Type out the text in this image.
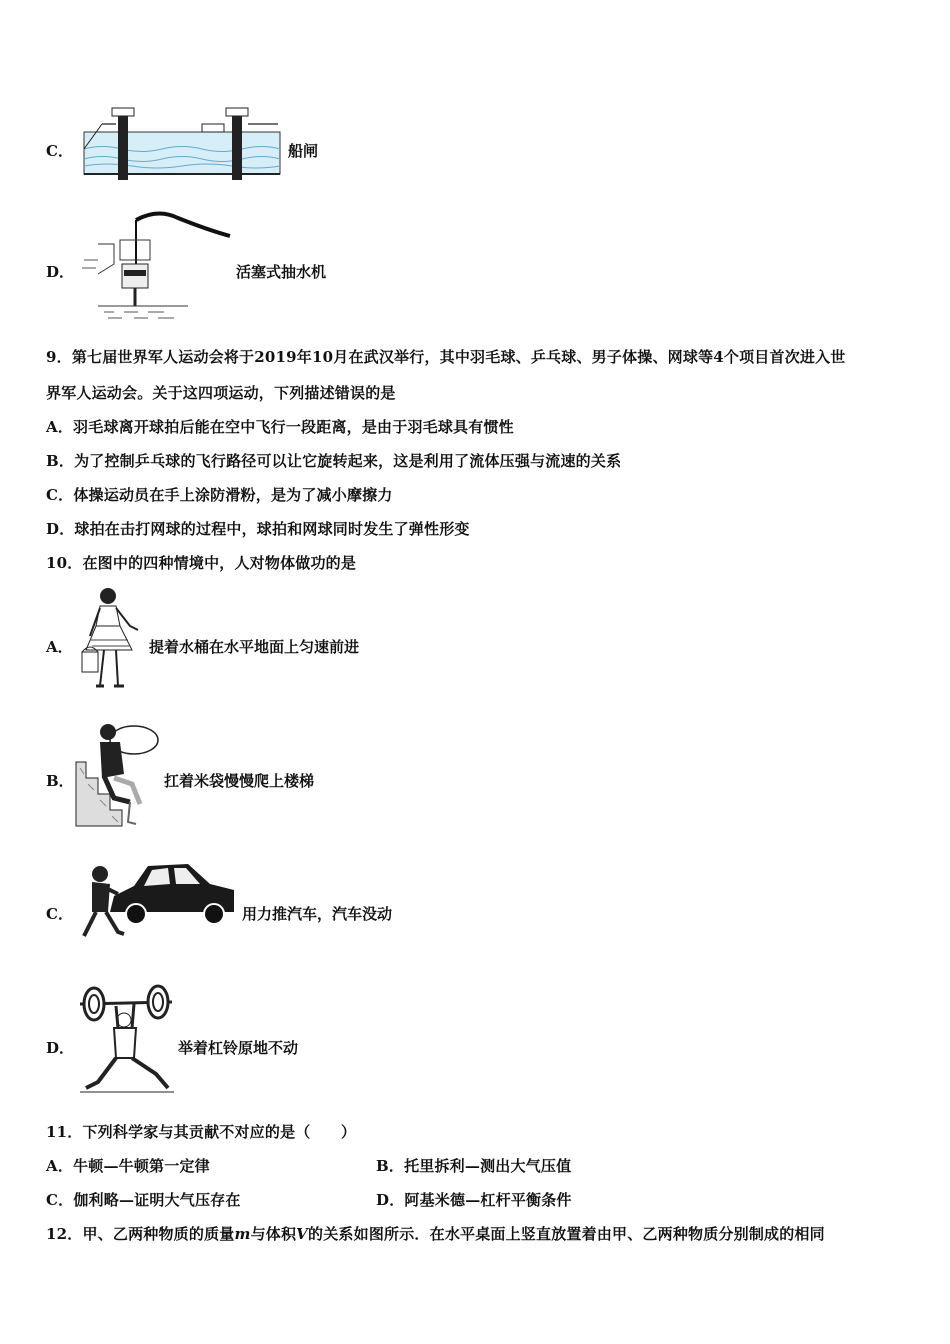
C．	船闸
D．	活塞式抽水机
9．第七届世界军人运动会将于2019年10月在武汉举行，其中羽毛球、乒乓球、男子体操、网球等4个项目首次进入世
界军人运动会。关于这四项运动，下列描述错误的是
A．羽毛球离开球拍后能在空中飞行一段距离，是由于羽毛球具有惯性
B．为了控制乒乓球的飞行路径可以让它旋转起来，这是利用了流体压强与流速的关系
C．体操运动员在手上涂防滑粉，是为了减小摩擦力
D．球拍在击打网球的过程中，球拍和网球同时发生了弹性形变
10．在图中的四种情境中，人对物体做功的是
A．	提着水桶在水平地面上匀速前进
B．	扛着米袋慢慢爬上楼梯
C．	用力推汽车，汽车没动
D．	举着杠铃原地不动
11．下列科学家与其贡献不对应的是（　　）
A．牛顿—牛顿第一定律	B．托里拆利—测出大气压值
C．伽利略—证明大气压存在	D．阿基米德—杠杆平衡条件
12．甲、乙两种物质的质量m与体积V的关系如图所示．在水平桌面上竖直放置着由甲、乙两种物质分别制成的相同
